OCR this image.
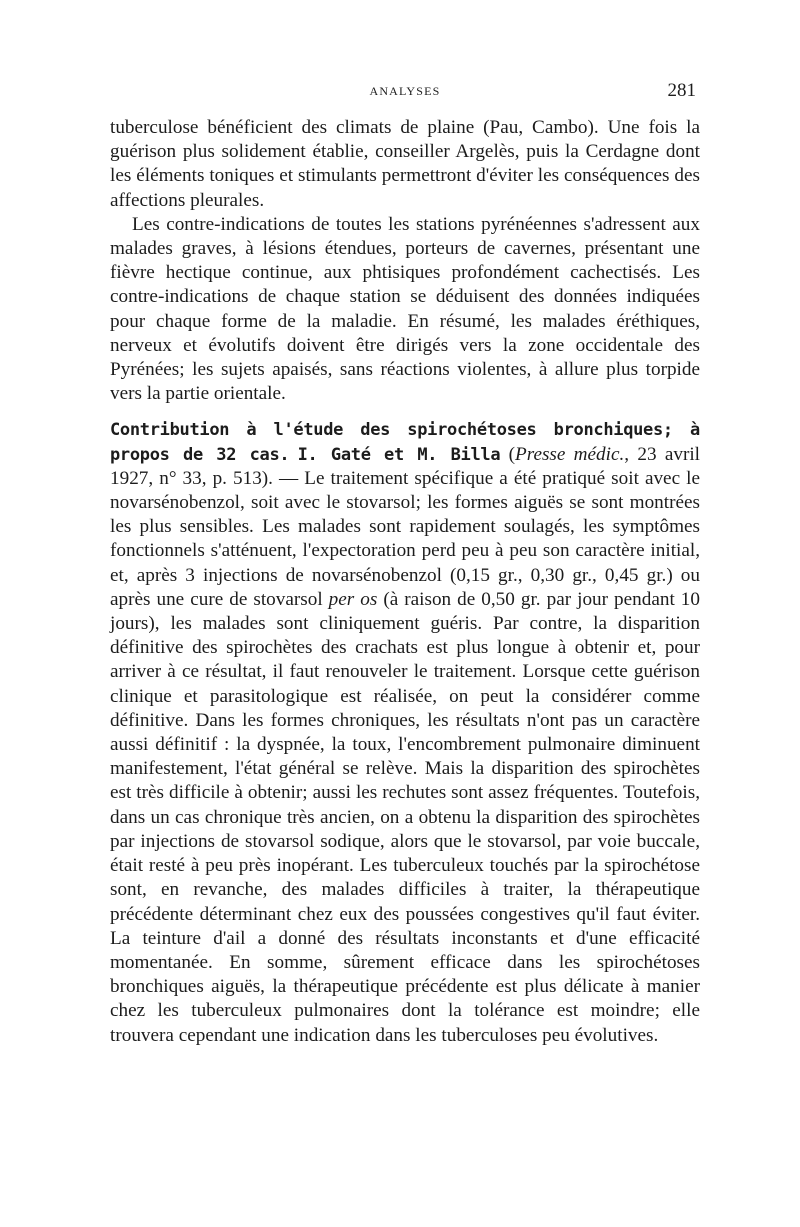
ANALYSES	281

tuberculose bénéficient des climats de plaine (Pau, Cambo). Une fois la guérison plus solidement établie, conseiller Argelès, puis la Cerdagne dont les éléments toniques et stimulants permettront d'éviter les conséquences des affections pleurales.

Les contre-indications de toutes les stations pyrénéennes s'adressent aux malades graves, à lésions étendues, porteurs de cavernes, présentant une fièvre hectique continue, aux phtisiques profondément cachectisés. Les contre-indications de chaque station se déduisent des données indiquées pour chaque forme de la maladie. En résumé, les malades éréthiques, nerveux et évolutifs doivent être dirigés vers la zone occidentale des Pyrénées; les sujets apaisés, sans réactions violentes, à allure plus torpide vers la partie orientale.

Contribution à l'étude des spirochétoses bronchiques; à propos de 32 cas. I. Gaté et M. Billa (Presse médic., 23 avril 1927, n° 33, p. 513). — Le traitement spécifique a été pratiqué soit avec le novarsénobenzol, soit avec le stovarsol; les formes aiguës se sont montrées les plus sensibles. Les malades sont rapidement soulagés, les symptômes fonctionnels s'atténuent, l'expectoration perd peu à peu son caractère initial, et, après 3 injections de novarsénobenzol (0,15 gr., 0,30 gr., 0,45 gr.) ou après une cure de stovarsol per os (à raison de 0,50 gr. par jour pendant 10 jours), les malades sont cliniquement guéris. Par contre, la disparition définitive des spirochètes des crachats est plus longue à obtenir et, pour arriver à ce résultat, il faut renouveler le traitement. Lorsque cette guérison clinique et parasitologique est réalisée, on peut la considérer comme définitive. Dans les formes chroniques, les résultats n'ont pas un caractère aussi définitif : la dyspnée, la toux, l'encombrement pulmonaire diminuent manifestement, l'état général se relève. Mais la disparition des spirochètes est très difficile à obtenir; aussi les rechutes sont assez fréquentes. Toutefois, dans un cas chronique très ancien, on a obtenu la disparition des spirochètes par injections de stovarsol sodique, alors que le stovarsol, par voie buccale, était resté à peu près inopérant. Les tuberculeux touchés par la spirochétose sont, en revanche, des malades difficiles à traiter, la thérapeutique précédente déterminant chez eux des poussées congestives qu'il faut éviter. La teinture d'ail a donné des résultats inconstants et d'une efficacité momentanée. En somme, sûrement efficace dans les spirochétoses bronchiques aiguës, la thérapeutique précédente est plus délicate à manier chez les tuberculeux pulmonaires dont la tolérance est moindre; elle trouvera cependant une indication dans les tuberculoses peu évolutives.
